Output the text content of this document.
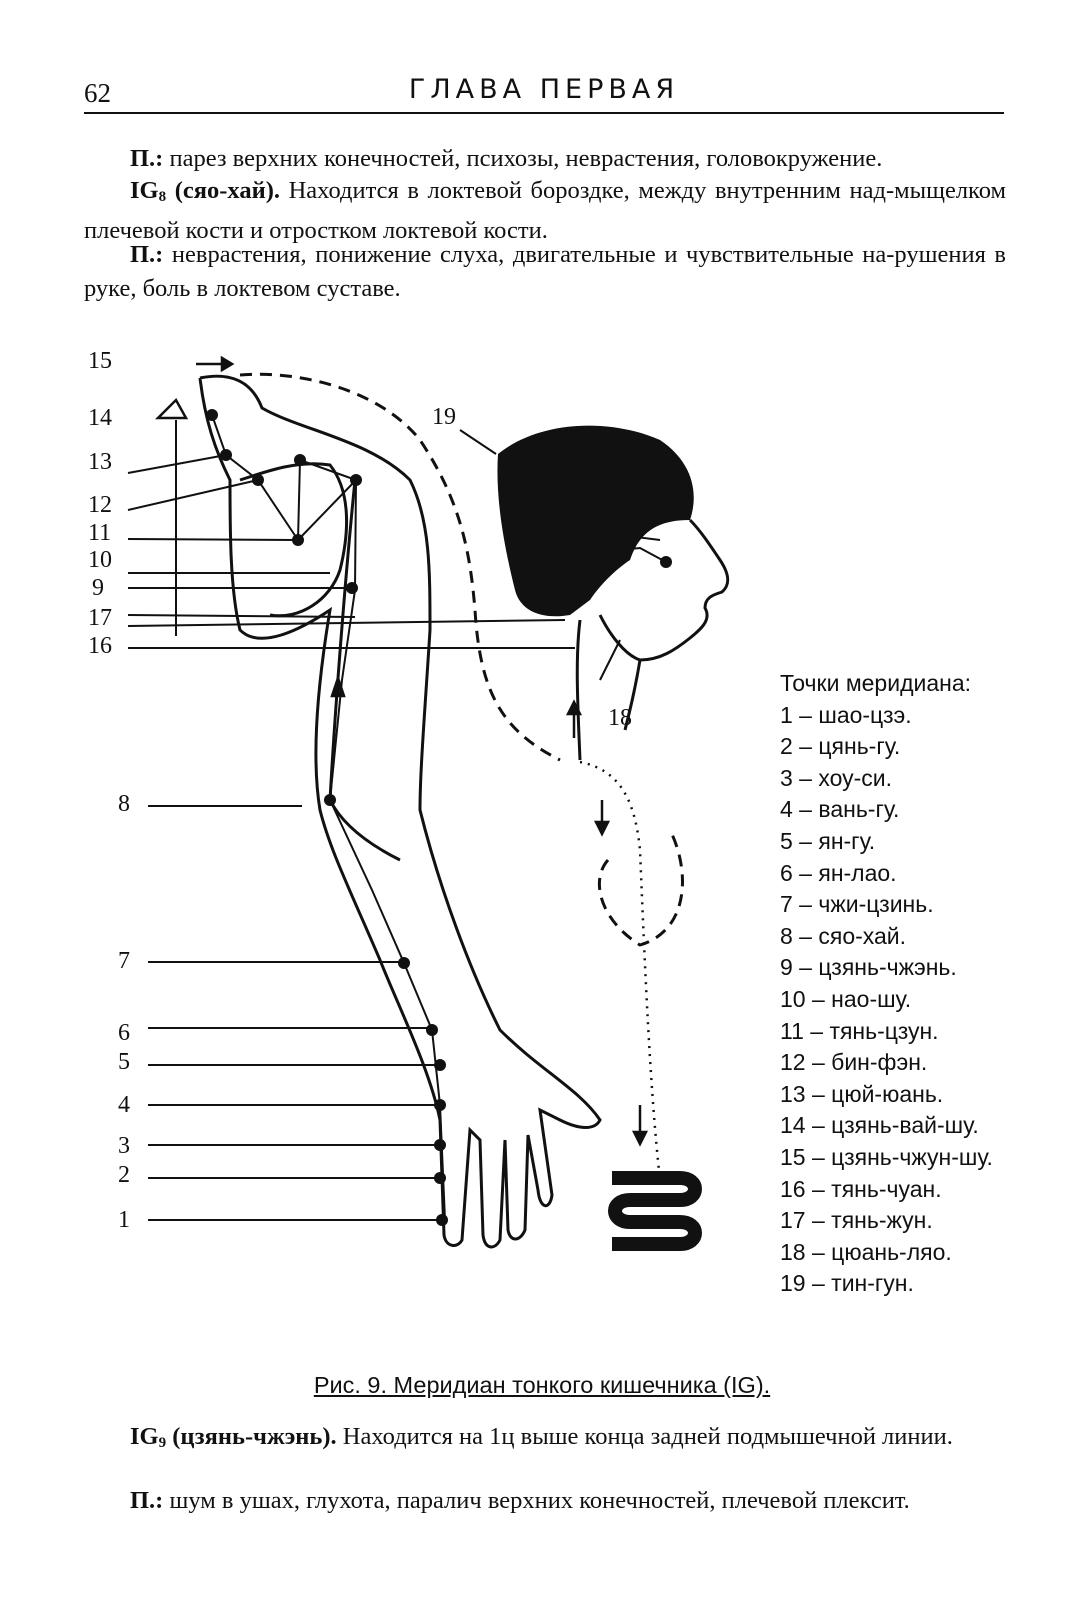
62	ГЛАВА ПЕРВАЯ

П.: парез верхних конечностей, психозы, неврастения, головокружение.

$IG_8$ (сяо-хай). Находится в локтевой бороздке, между внутренним над-мыщелком плечевой кости и отростком локтевой кости.

П.: неврастения, понижение слуха, двигательные и чувствительные на-рушения в руке, боль в локтевом суставе.

15
14
13
12
11
10
9
17
16
8
7
6
5
4
3
2
1
19
18
Точки меридиана:
1 – шао-цзэ.
2 – цянь-гу.
3 – хоу-си.
4 – вань-гу.
5 – ян-гу.
6 – ян-лао.
7 – чжи-цзинь.
8 – сяо-хай.
9 – цзянь-чжэнь.
10 – нао-шу.
11 – тянь-цзун.
12 – бин-фэн.
13 – цюй-юань.
14 – цзянь-вай-шу.
15 – цзянь-чжун-шу.
16 – тянь-чуан.
17 – тянь-жун.
18 – цюань-ляо.
19 – тин-гун.
Рис. 9. Меридиан тонкого кишечника (IG).

$IG_9$ (цзянь-чжэнь). Находится на 1ц выше конца задней подмышечной линии.

П.: шум в ушах, глухота, паралич верхних конечностей, плечевой плексит.
